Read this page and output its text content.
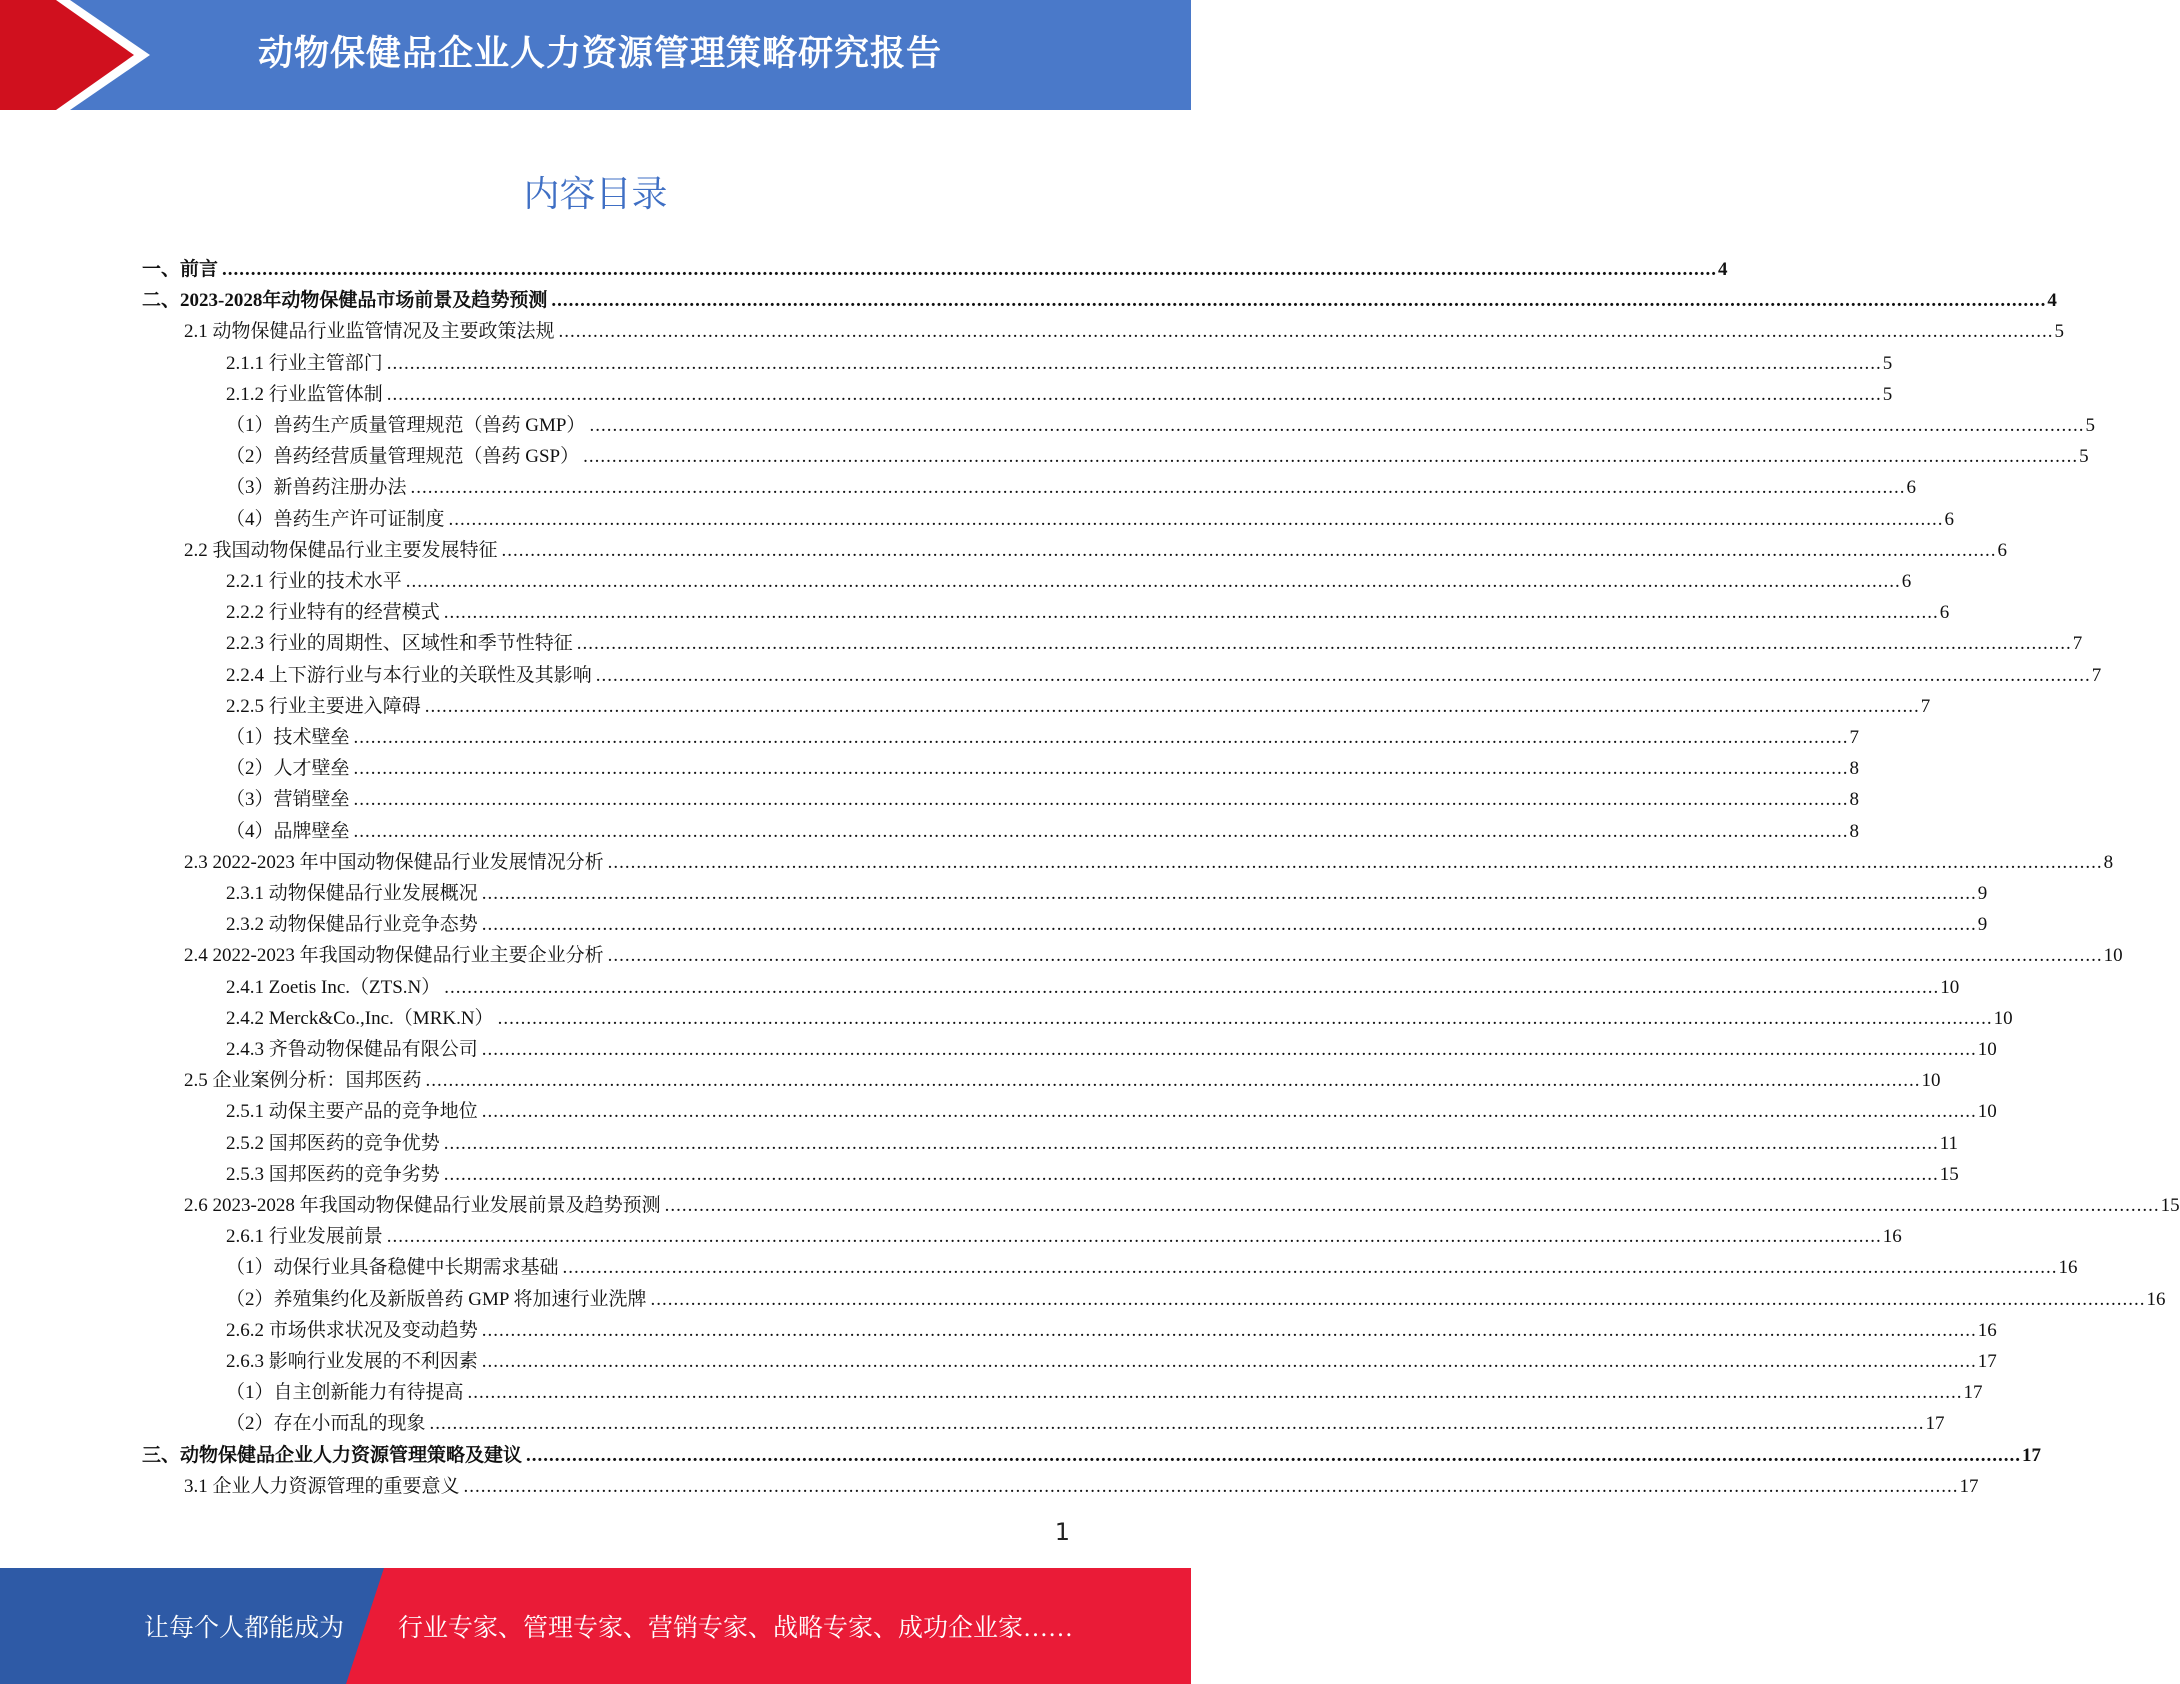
动物保健品企业人力资源管理策略研究报告
内容目录
一、前言 .................................................................................................................................................................................................................................................................... 4
二、2023-2028年动物保健品市场前景及趋势预测 .................................................................................................................................................................................................................................................................... 4
2.1 动物保健品行业监管情况及主要政策法规 .................................................................................................................................................................................................................................................................... 5
2.1.1 行业主管部门 .................................................................................................................................................................................................................................................................... 5
2.1.2 行业监管体制 .................................................................................................................................................................................................................................................................... 5
（1）兽药生产质量管理规范（兽药 GMP） .................................................................................................................................................................................................................................................................... 5
（2）兽药经营质量管理规范（兽药 GSP） .................................................................................................................................................................................................................................................................... 5
（3）新兽药注册办法 .................................................................................................................................................................................................................................................................... 6
（4）兽药生产许可证制度 .................................................................................................................................................................................................................................................................... 6
2.2 我国动物保健品行业主要发展特征 .................................................................................................................................................................................................................................................................... 6
2.2.1 行业的技术水平 .................................................................................................................................................................................................................................................................... 6
2.2.2 行业特有的经营模式 .................................................................................................................................................................................................................................................................... 6
2.2.3 行业的周期性、区域性和季节性特征 .................................................................................................................................................................................................................................................................... 7
2.2.4 上下游行业与本行业的关联性及其影响 .................................................................................................................................................................................................................................................................... 7
2.2.5 行业主要进入障碍 .................................................................................................................................................................................................................................................................... 7
（1）技术壁垒 .................................................................................................................................................................................................................................................................... 7
（2）人才壁垒 .................................................................................................................................................................................................................................................................... 8
（3）营销壁垒 .................................................................................................................................................................................................................................................................... 8
（4）品牌壁垒 .................................................................................................................................................................................................................................................................... 8
2.3 2022-2023 年中国动物保健品行业发展情况分析 .................................................................................................................................................................................................................................................................... 8
2.3.1 动物保健品行业发展概况 .................................................................................................................................................................................................................................................................... 9
2.3.2 动物保健品行业竞争态势 .................................................................................................................................................................................................................................................................... 9
2.4 2022-2023 年我国动物保健品行业主要企业分析 .................................................................................................................................................................................................................................................................... 10
2.4.1 Zoetis Inc.（ZTS.N） .................................................................................................................................................................................................................................................................... 10
2.4.2 Merck&Co.,Inc.（MRK.N） .................................................................................................................................................................................................................................................................... 10
2.4.3 齐鲁动物保健品有限公司 .................................................................................................................................................................................................................................................................... 10
2.5 企业案例分析：国邦医药 .................................................................................................................................................................................................................................................................... 10
2.5.1 动保主要产品的竞争地位 .................................................................................................................................................................................................................................................................... 10
2.5.2 国邦医药的竞争优势 .................................................................................................................................................................................................................................................................... 11
2.5.3 国邦医药的竞争劣势 .................................................................................................................................................................................................................................................................... 15
2.6 2023-2028 年我国动物保健品行业发展前景及趋势预测 .................................................................................................................................................................................................................................................................... 15
2.6.1 行业发展前景 .................................................................................................................................................................................................................................................................... 16
（1）动保行业具备稳健中长期需求基础 .................................................................................................................................................................................................................................................................... 16
（2）养殖集约化及新版兽药 GMP 将加速行业洗牌 .................................................................................................................................................................................................................................................................... 16
2.6.2 市场供求状况及变动趋势 .................................................................................................................................................................................................................................................................... 16
2.6.3 影响行业发展的不利因素 .................................................................................................................................................................................................................................................................... 17
（1）自主创新能力有待提高 .................................................................................................................................................................................................................................................................... 17
（2）存在小而乱的现象 .................................................................................................................................................................................................................................................................... 17
三、动物保健品企业人力资源管理策略及建议 .................................................................................................................................................................................................................................................................... 17
3.1 企业人力资源管理的重要意义 .................................................................................................................................................................................................................................................................... 17
1
让每个人都能成为 行业专家、管理专家、营销专家、战略专家、成功企业家……
